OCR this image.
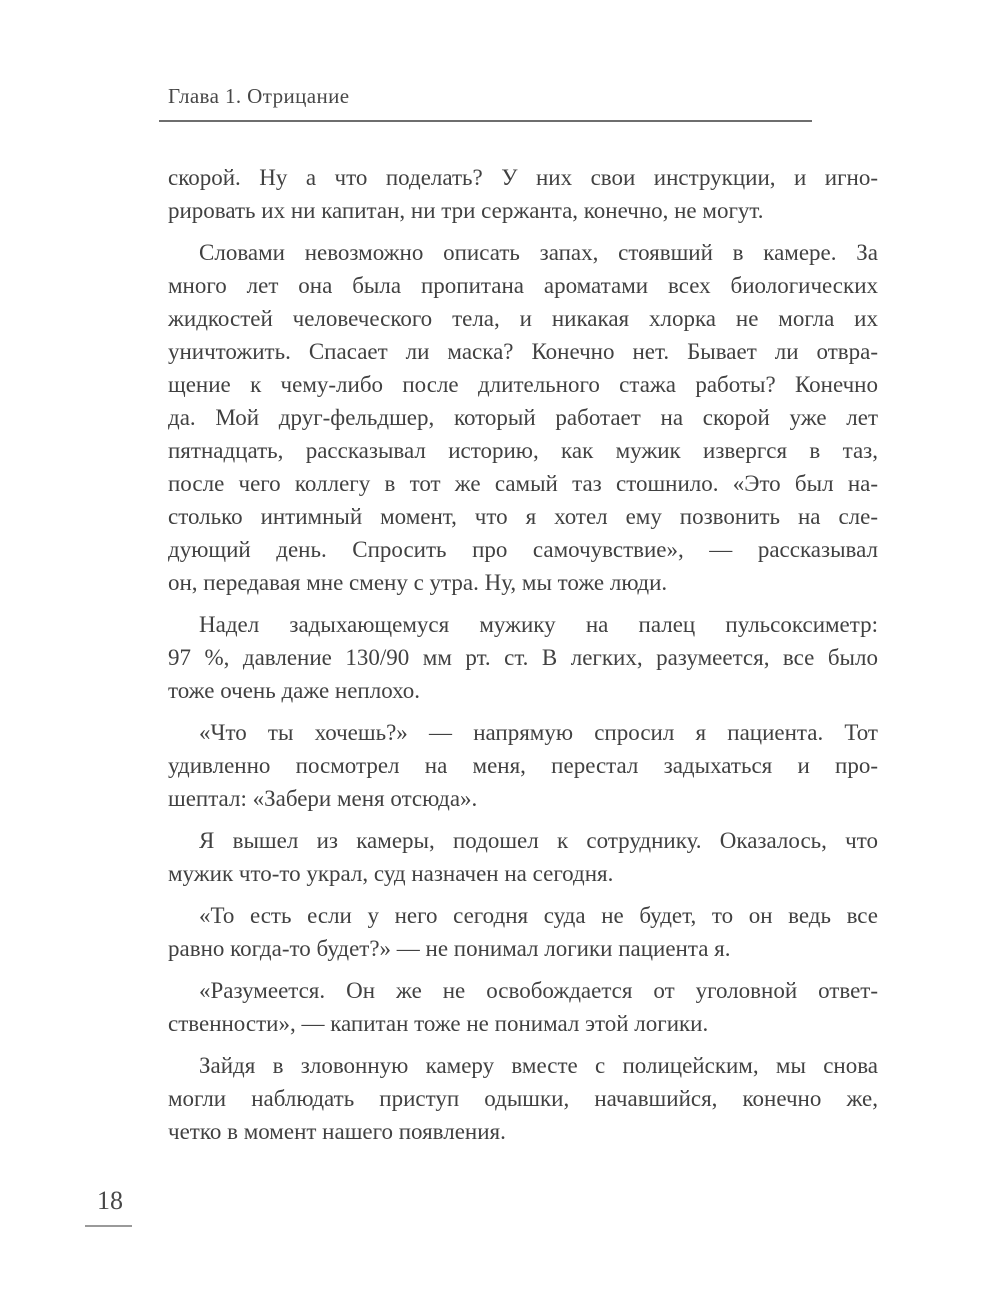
Глава 1. Отрицание
скорой. Ну а что поделать? У них свои инструкции, и игно-
рировать их ни капитан, ни три сержанта, конечно, не могут.
Словами невозможно описать запах, стоявший в камере. За
много лет она была пропитана ароматами всех биологических
жидкостей человеческого тела, и никакая хлорка не могла их
уничтожить. Спасает ли маска? Конечно нет. Бывает ли отвра-
щение к чему-либо после длительного стажа работы? Конечно
да. Мой друг-фельдшер, который работает на скорой уже лет
пятнадцать, рассказывал историю, как мужик извергся в таз,
после чего коллегу в тот же самый таз стошнило. «Это был на-
столько интимный момент, что я хотел ему позвонить на сле-
дующий день. Спросить про самочувствие», — рассказывал
он, передавая мне смену с утра. Ну, мы тоже люди.
Надел задыхающемуся мужику на палец пульсоксиметр:
97 %, давление 130/90 мм рт. ст. В легких, разумеется, все было
тоже очень даже неплохо.
«Что ты хочешь?» — напрямую спросил я пациента. Тот
удивленно посмотрел на меня, перестал задыхаться и про-
шептал: «Забери меня отсюда».
Я вышел из камеры, подошел к сотруднику. Оказалось, что
мужик что-то украл, суд назначен на сегодня.
«То есть если у него сегодня суда не будет, то он ведь все
равно когда-то будет?» — не понимал логики пациента я.
«Разумеется. Он же не освобождается от уголовной ответ-
ственности», — капитан тоже не понимал этой логики.
Зайдя в зловонную камеру вместе с полицейским, мы снова
могли наблюдать приступ одышки, начавшийся, конечно же,
четко в момент нашего появления.
18
